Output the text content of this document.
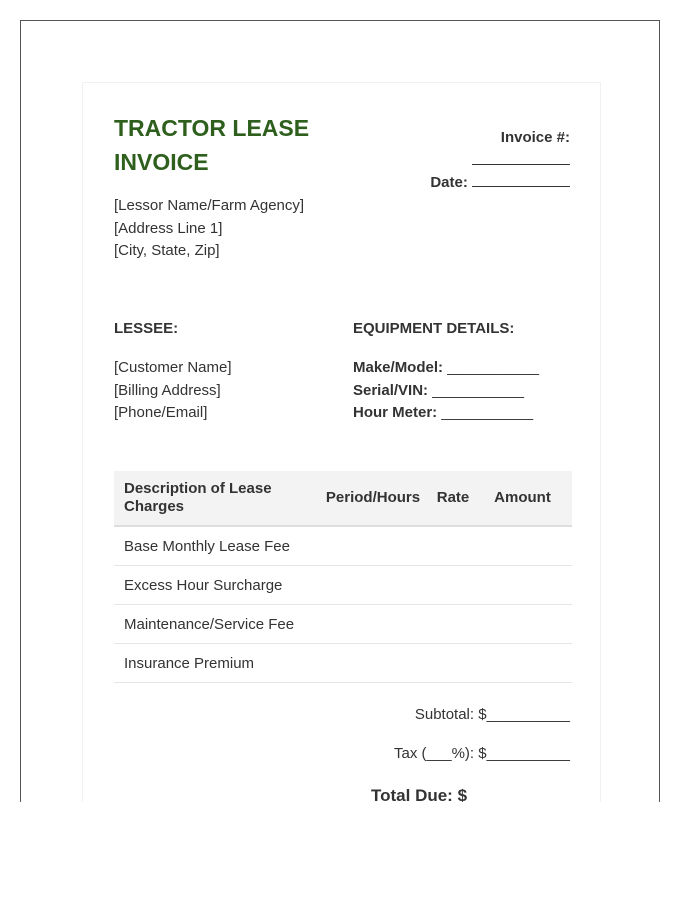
TRACTOR LEASE INVOICE
[Lessor Name/Farm Agency]
[Address Line 1]
[City, State, Zip]
Invoice #:
Date:
LESSEE:
[Customer Name]
[Billing Address]
[Phone/Email]
EQUIPMENT DETAILS:
Make/Model: ___________
Serial/VIN: ___________
Hour Meter: ___________
Description of Lease Charges	Period/Hours	Rate	Amount
Base Monthly Lease Fee			
Excess Hour Surcharge			
Maintenance/Service Fee			
Insurance Premium			
Subtotal: $__________
Tax (___%): $__________
Total Due: $
